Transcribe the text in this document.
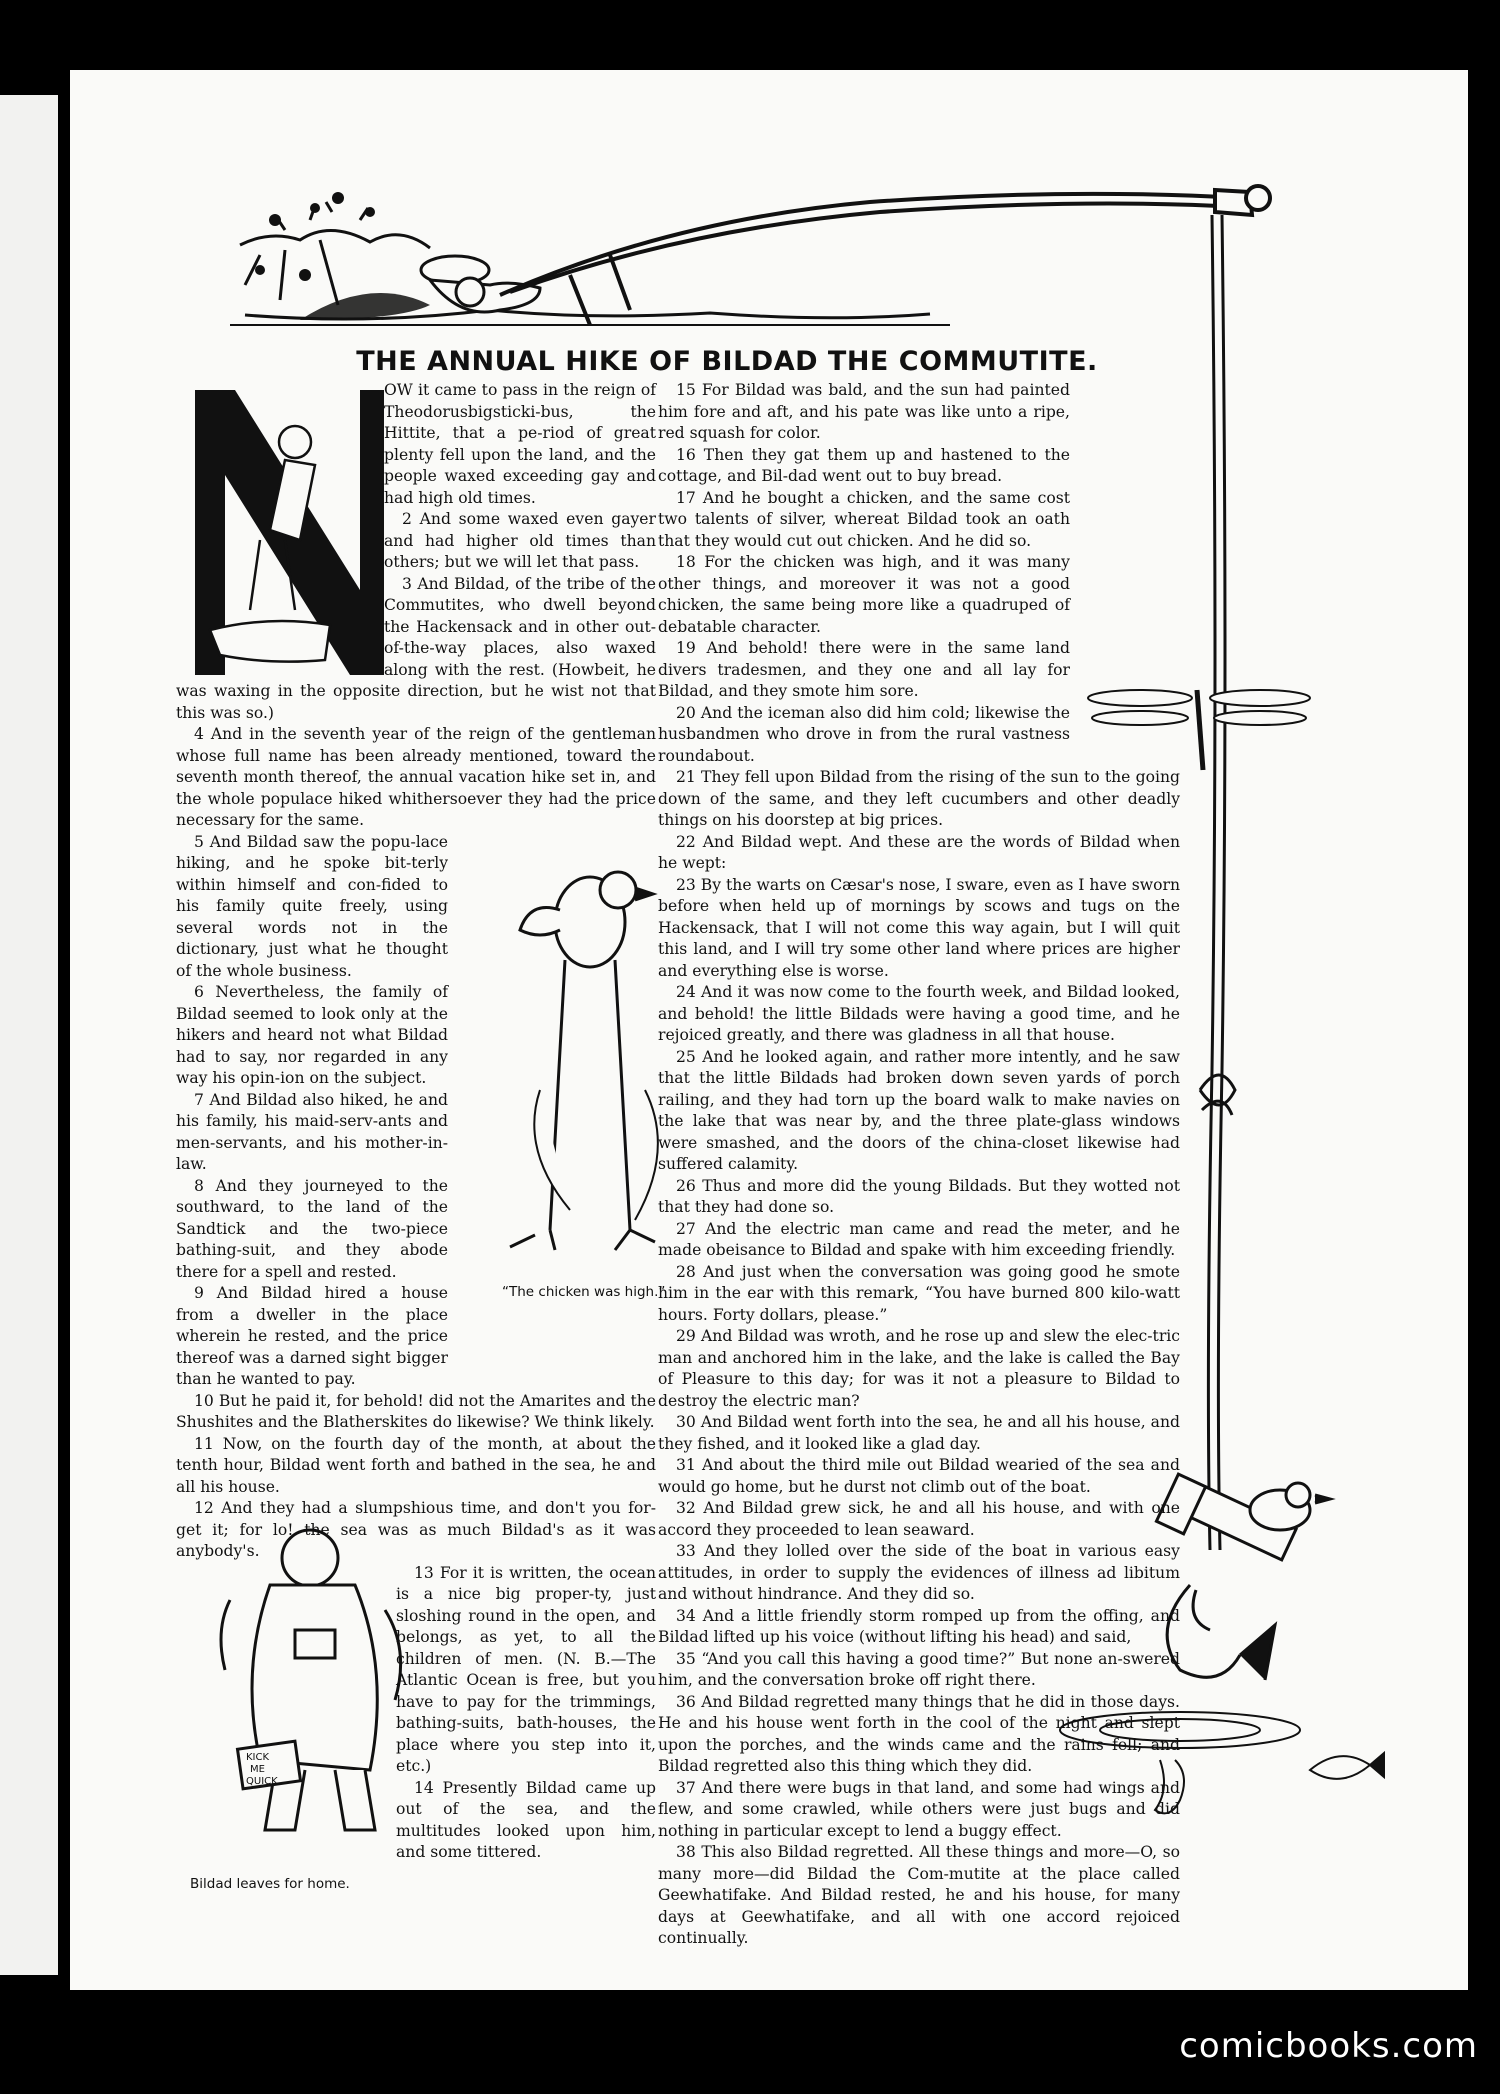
KICK
ME
QUICK
THE ANNUAL HIKE OF BILDAD THE COMMUTITE.

OW it came to pass in the reign of Theodorusbigsticki-bus, the Hittite, that a pe-riod of great plenty fell upon the land, and the people waxed exceeding gay and had high old times.

2 And some waxed even gayer and had higher old times than others; but we will let that pass.

3 And Bildad, of the tribe of the Commutites, who dwell beyond the Hackensack and in other out-of-the-way places, also waxed along with the rest. (Howbeit, he was waxing in the opposite direction, but he wist not that this was so.)

4 And in the seventh year of the reign of the gentleman whose full name has been already mentioned, toward the seventh month thereof, the annual vacation hike set in, and the whole populace hiked whithersoever they had the price necessary for the same.

5 And Bildad saw the popu-lace hiking, and he spoke bit-terly within himself and con-fided to his family quite freely, using several words not in the dictionary, just what he thought of the whole business.

6 Nevertheless, the family of Bildad seemed to look only at the hikers and heard not what Bildad had to say, nor regarded in any way his opin-ion on the subject.

7 And Bildad also hiked, he and his family, his maid-serv-ants and men-servants, and his mother-in-law.

8 And they journeyed to the southward, to the land of the Sandtick and the two-piece bathing-suit, and they abode there for a spell and rested.

9 And Bildad hired a house from a dweller in the place wherein he rested, and the price thereof was a darned sight bigger than he wanted to pay.

10 But he paid it, for behold! did not the Amarites and the Shushites and the Blatherskites do likewise? We think likely.

11 Now, on the fourth day of the month, at about the tenth hour, Bildad went forth and bathed in the sea, he and all his house.

12 And they had a slumpshious time, and don't you for-get it; for lo! the sea was as much Bildad's as it was anybody's.

13 For it is written, the ocean is a nice big proper-ty, just sloshing round in the open, and belongs, as yet, to all the children of men. (N. B.—The Atlantic Ocean is free, but you have to pay for the trimmings, bathing-suits, bath-houses, the place where you step into it, etc.)

14 Presently Bildad came up out of the sea, and the multitudes looked upon him, and some tittered.

15 For Bildad was bald, and the sun had painted him fore and aft, and his pate was like unto a ripe, red squash for color.

16 Then they gat them up and hastened to the cottage, and Bil-dad went out to buy bread.

17 And he bought a chicken, and the same cost two talents of silver, whereat Bildad took an oath that they would cut out chicken. And he did so.

18 For the chicken was high, and it was many other things, and moreover it was not a good chicken, the same being more like a quadruped of debatable character.

19 And behold! there were in the same land divers tradesmen, and they one and all lay for Bildad, and they smote him sore.

20 And the iceman also did him cold; likewise the husbandmen who drove in from the rural vastness roundabout.

21 They fell upon Bildad from the rising of the sun to the going down of the same, and they left cucumbers and other deadly things on his doorstep at big prices.

22 And Bildad wept. And these are the words of Bildad when he wept:

23 By the warts on Cæsar's nose, I sware, even as I have sworn before when held up of mornings by scows and tugs on the Hackensack, that I will not come this way again, but I will quit this land, and I will try some other land where prices are higher and everything else is worse.

24 And it was now come to the fourth week, and Bildad looked, and behold! the little Bildads were having a good time, and he rejoiced greatly, and there was gladness in all that house.

25 And he looked again, and rather more intently, and he saw that the little Bildads had broken down seven yards of porch railing, and they had torn up the board walk to make navies on the lake that was near by, and the three plate-glass windows were smashed, and the doors of the china-closet likewise had suffered calamity.

26 Thus and more did the young Bildads. But they wotted not that they had done so.

27 And the electric man came and read the meter, and he made obeisance to Bildad and spake with him exceeding friendly.

28 And just when the conversation was going good he smote him in the ear with this remark, “You have burned 800 kilo-watt hours. Forty dollars, please.”

29 And Bildad was wroth, and he rose up and slew the elec-tric man and anchored him in the lake, and the lake is called the Bay of Pleasure to this day; for was it not a pleasure to Bildad to destroy the electric man?

30 And Bildad went forth into the sea, he and all his house, and they fished, and it looked like a glad day.

31 And about the third mile out Bildad wearied of the sea and would go home, but he durst not climb out of the boat.

32 And Bildad grew sick, he and all his house, and with one accord they proceeded to lean seaward.

33 And they lolled over the side of the boat in various easy attitudes, in order to supply the evidences of illness ad libitum and without hindrance. And they did so.

34 And a little friendly storm romped up from the offing, and Bildad lifted up his voice (without lifting his head) and said,

35 “And you call this having a good time?” But none an-swered him, and the conversation broke off right there.

36 And Bildad regretted many things that he did in those days. He and his house went forth in the cool of the night and slept upon the porches, and the winds came and the rains fell; and Bildad regretted also this thing which they did.

37 And there were bugs in that land, and some had wings and flew, and some crawled, while others were just bugs and did nothing in particular except to lend a buggy effect.

38 This also Bildad regretted. All these things and more—O, so many more—did Bildad the Com-mutite at the place called Geewhatifake. And Bildad rested, he and his house, for many days at Geewhatifake, and all with one accord rejoiced continually.

“The chicken was high.”
Bildad leaves for home.
comicbooks.com
